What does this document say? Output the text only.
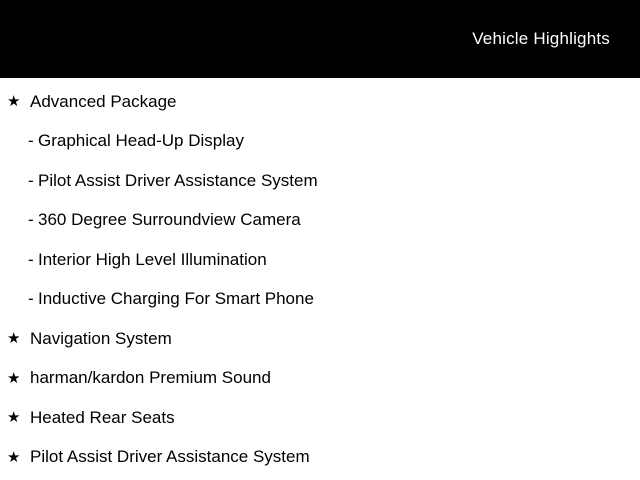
Vehicle Highlights
★ Advanced Package
- Graphical Head-Up Display
- Pilot Assist Driver Assistance System
- 360 Degree Surroundview Camera
- Interior High Level Illumination
- Inductive Charging For Smart Phone
★ Navigation System
★ harman/kardon Premium Sound
★ Heated Rear Seats
★ Pilot Assist Driver Assistance System
